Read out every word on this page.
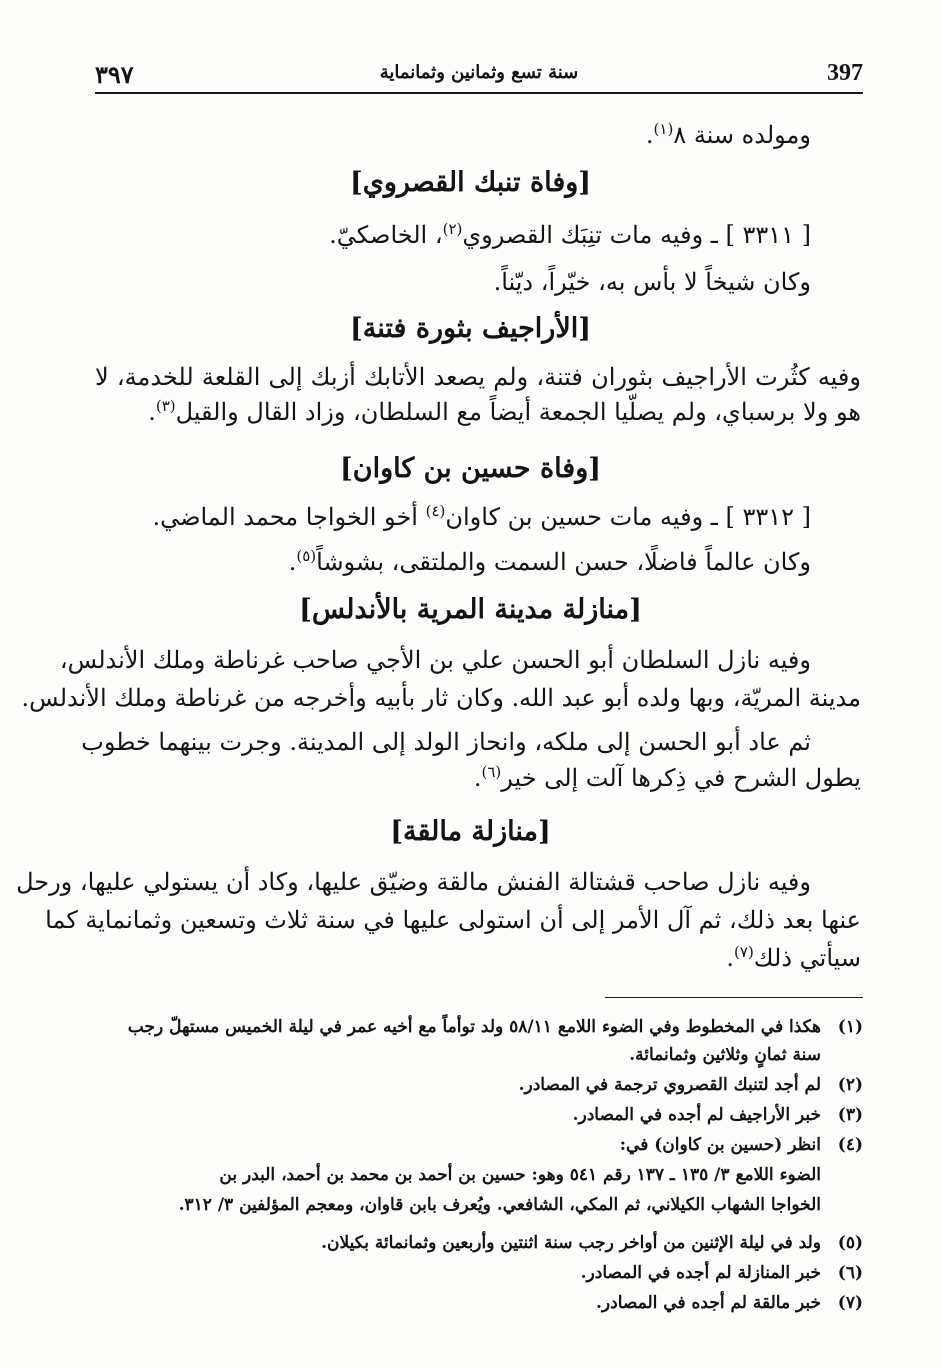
٣٩٧	سنة تسع وثمانين وثمانماية	397
ومولده سنة ٨$^{(١)}$.
[وفاة تنبك القصروي]
[ ٣٣١١ ] ـ وفيه مات تنِبَك القصروي$^{(٢)}$، الخاصكيّ.
وكان شيخاً لا بأس به، خيّراً، ديّناً.
[الأراجيف بثورة فتنة]
وفيه كثُرت الأراجيف بثوران فتنة، ولم يصعد الأتابك أزبك إلى القلعة للخدمة، لا
هو ولا برسباي، ولم يصلّيا الجمعة أيضاً مع السلطان، وزاد القال والقيل$^{(٣)}$.
[وفاة حسين بن كاوان]
[ ٣٣١٢ ] ـ وفيه مات حسين بن كاوان$^{(٤)}$ أخو الخواجا محمد الماضي.
وكان عالماً فاضلًا، حسن السمت والملتقى، بشوشاً$^{(٥)}$.
[منازلة مدينة المرية بالأندلس]
وفيه نازل السلطان أبو الحسن علي بن الأجي صاحب غرناطة وملك الأندلس،
مدينة المريّة، وبها ولده أبو عبد الله. وكان ثار بأبيه وأخرجه من غرناطة وملك الأندلس.
ثم عاد أبو الحسن إلى ملكه، وانحاز الولد إلى المدينة. وجرت بينهما خطوب
يطول الشرح في ذِكرها آلت إلى خير$^{(٦)}$.
[منازلة مالقة]
وفيه نازل صاحب قشتالة الفنش مالقة وضيّق عليها، وكاد أن يستولي عليها، ورحل
عنها بعد ذلك، ثم آل الأمر إلى أن استولى عليها في سنة ثلاث وتسعين وثمانماية كما
سيأتي ذلك$^{(٧)}$.
(١)
هكذا في المخطوط وفي الضوء اللامع ٥٨/١١ ولد توأماً مع أخيه عمر في ليلة الخميس مستهلّ رجب
سنة ثمانٍ وثلاثين وثمانمائة.
(٢)
لم أجد لتنبك القصروي ترجمة في المصادر.
(٣)
خبر الأراجيف لم أجده في المصادر.
(٤)
انظر (حسين بن كاوان) في:
الضوء اللامع ٣/ ١٣٥ ـ ١٣٧ رقم ٥٤١ وهو: حسين بن أحمد بن محمد بن أحمد، البدر بن
الخواجا الشهاب الكيلاني، ثم المكي، الشافعي. ويُعرف بابن قاوان، ومعجم المؤلفين ٣/ ٣١٢.
(٥)
ولد في ليلة الإثنين من أواخر رجب سنة اثنتين وأربعين وثمانمائة بكيلان.
(٦)
خبر المنازلة لم أجده في المصادر.
(٧)
خبر مالقة لم أجده في المصادر.
